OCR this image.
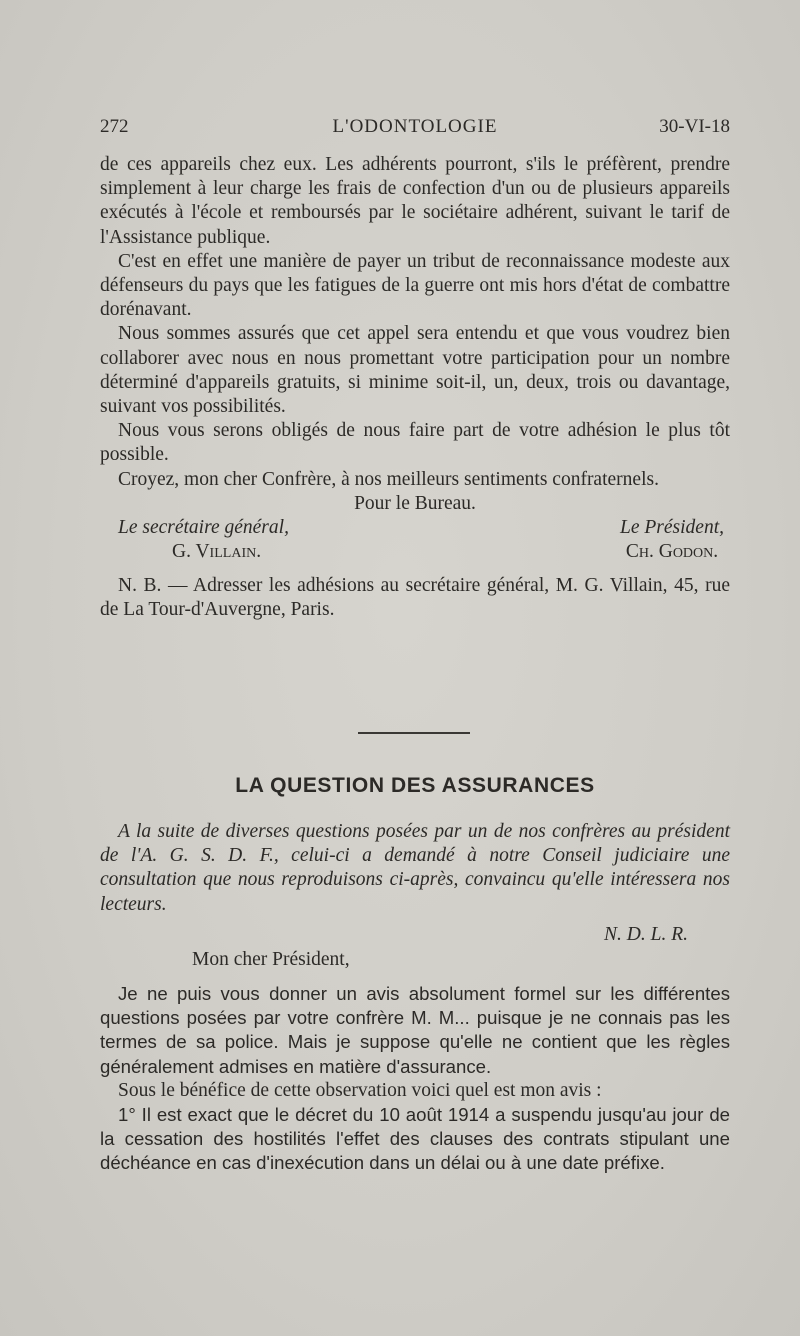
272	L'ODONTOLOGIE	30-VI-18

de ces appareils chez eux. Les adhérents pourront, s'ils le préfèrent, prendre simplement à leur charge les frais de confection d'un ou de plusieurs appareils exécutés à l'école et remboursés par le sociétaire adhérent, suivant le tarif de l'Assistance publique.

C'est en effet une manière de payer un tribut de reconnaissance modeste aux défenseurs du pays que les fatigues de la guerre ont mis hors d'état de combattre dorénavant.

Nous sommes assurés que cet appel sera entendu et que vous voudrez bien collaborer avec nous en nous promettant votre participation pour un nombre déterminé d'appareils gratuits, si minime soit-il, un, deux, trois ou davantage, suivant vos possibilités.

Nous vous serons obligés de nous faire part de votre adhésion le plus tôt possible.

Croyez, mon cher Confrère, à nos meilleurs sentiments confraternels.

Pour le Bureau.

Le secrétaire général,
G. Villain.
Le Président,
Ch. Godon.

N. B. — Adresser les adhésions au secrétaire général, M. G. Villain, 45, rue de La Tour-d'Auvergne, Paris.

LA QUESTION DES ASSURANCES

A la suite de diverses questions posées par un de nos confrères au président de l'A. G. S. D. F., celui-ci a demandé à notre Conseil judiciaire une consultation que nous reproduisons ci-après, convaincu qu'elle intéressera nos lecteurs.

N. D. L. R.

Mon cher Président,

Je ne puis vous donner un avis absolument formel sur les différentes questions posées par votre confrère M. M... puisque je ne connais pas les termes de sa police. Mais je suppose qu'elle ne contient que les règles généralement admises en matière d'assurance.

Sous le bénéfice de cette observation voici quel est mon avis :

1° Il est exact que le décret du 10 août 1914 a suspendu jusqu'au jour de la cessation des hostilités l'effet des clauses des contrats stipulant une déchéance en cas d'inexécution dans un délai ou à une date préfixe.
